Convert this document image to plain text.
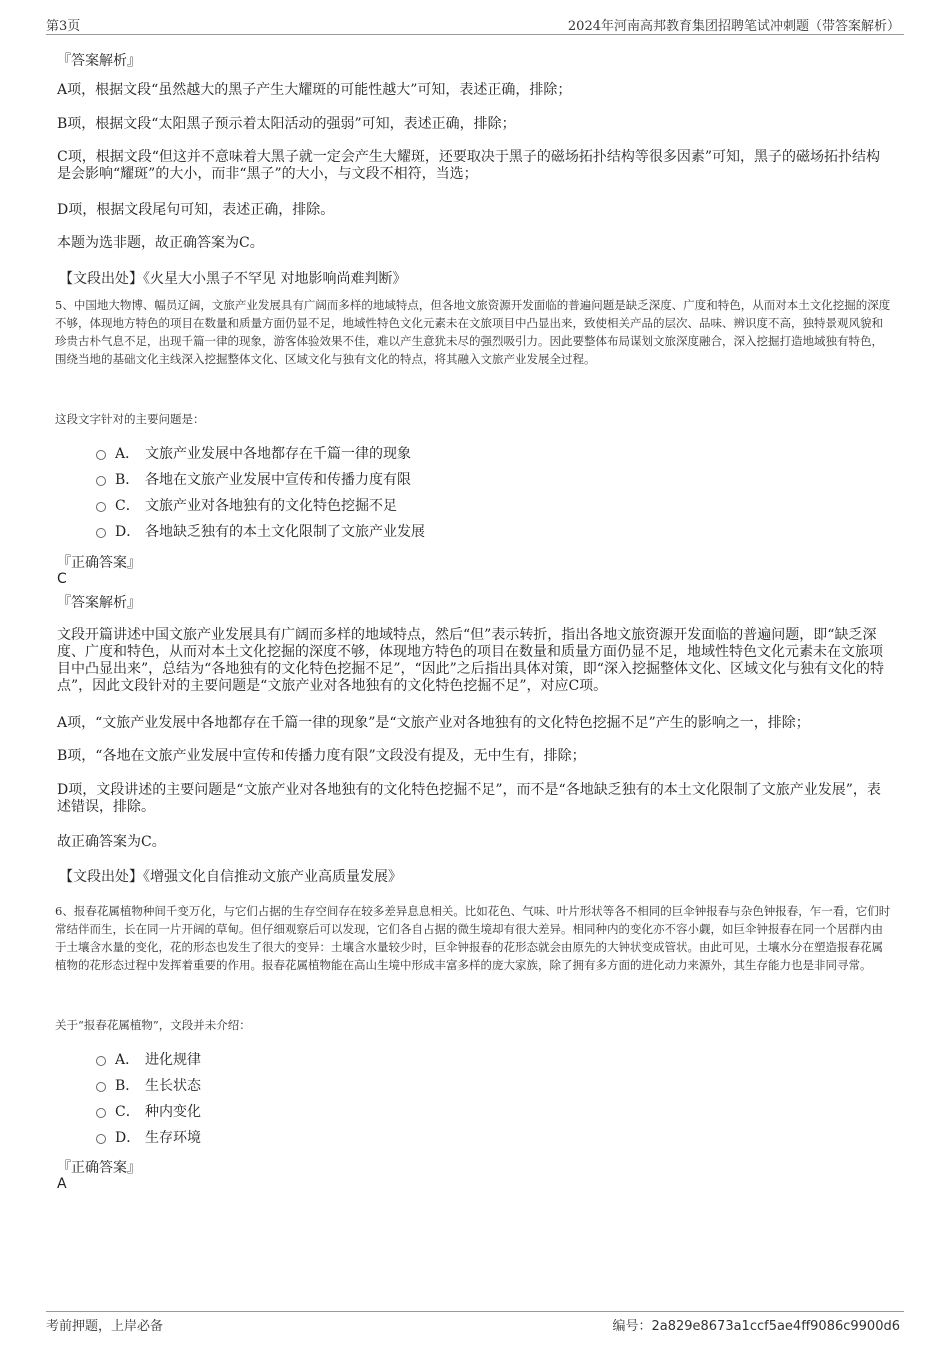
第3页	2024年河南高邦教育集团招聘笔试冲刺题（带答案解析）
『答案解析』
A项，根据文段“虽然越大的黑子产生大耀斑的可能性越大”可知，表述正确，排除；
B项，根据文段“太阳黑子预示着太阳活动的强弱”可知，表述正确，排除；
C项，根据文段“但这并不意味着大黑子就一定会产生大耀斑，还要取决于黑子的磁场拓扑结构等很多因素”可知，黑子的磁场拓扑结构是会影响“耀斑”的大小，而非“黑子”的大小，与文段不相符，当选；
D项，根据文段尾句可知，表述正确，排除。
本题为选非题，故正确答案为C。
【文段出处】《火星大小黑子不罕见 对地影响尚难判断》
5、中国地大物博、幅员辽阔，文旅产业发展具有广阔而多样的地域特点，但各地文旅资源开发面临的普遍问题是缺乏深度、广度和特色，从而对本土文化挖掘的深度不够，体现地方特色的项目在数量和质量方面仍显不足，地域性特色文化元素未在文旅项目中凸显出来，致使相关产品的层次、品味、辨识度不高，独特景观风貌和珍贵古朴气息不足，出现千篇一律的现象，游客体验效果不佳，难以产生意犹未尽的强烈吸引力。因此要整体布局谋划文旅深度融合，深入挖掘打造地域独有特色，围绕当地的基础文化主线深入挖掘整体文化、区域文化与独有文化的特点，将其融入文旅产业发展全过程。
这段文字针对的主要问题是：
A． 文旅产业发展中各地都存在千篇一律的现象
B． 各地在文旅产业发展中宣传和传播力度有限
C． 文旅产业对各地独有的文化特色挖掘不足
D． 各地缺乏独有的本土文化限制了文旅产业发展
『正确答案』
C
『答案解析』
文段开篇讲述中国文旅产业发展具有广阔而多样的地域特点，然后“但”表示转折，指出各地文旅资源开发面临的普遍问题，即“缺乏深度、广度和特色，从而对本土文化挖掘的深度不够，体现地方特色的项目在数量和质量方面仍显不足，地域性特色文化元素未在文旅项目中凸显出来”，总结为“各地独有的文化特色挖掘不足”，“因此”之后指出具体对策，即“深入挖掘整体文化、区域文化与独有文化的特点”，因此文段针对的主要问题是“文旅产业对各地独有的文化特色挖掘不足”，对应C项。
A项，“文旅产业发展中各地都存在千篇一律的现象”是“文旅产业对各地独有的文化特色挖掘不足”产生的影响之一，排除；
B项，“各地在文旅产业发展中宣传和传播力度有限”文段没有提及，无中生有，排除；
D项，文段讲述的主要问题是“文旅产业对各地独有的文化特色挖掘不足”，而不是“各地缺乏独有的本土文化限制了文旅产业发展”，表述错误，排除。
故正确答案为C。
【文段出处】《增强文化自信推动文旅产业高质量发展》
6、报春花属植物种间千变万化，与它们占据的生存空间存在较多差异息息相关。比如花色、气味、叶片形状等各不相同的巨伞钟报春与杂色钟报春，乍一看，它们时常结伴而生，长在同一片开阔的草甸。但仔细观察后可以发现，它们各自占据的微生境却有很大差异。相同种内的变化亦不容小觑，如巨伞钟报春在同一个居群内由于土壤含水量的变化，花的形态也发生了很大的变异：土壤含水量较少时，巨伞钟报春的花形态就会由原先的大钟状变成管状。由此可见，土壤水分在塑造报春花属植物的花形态过程中发挥着重要的作用。报春花属植物能在高山生境中形成丰富多样的庞大家族，除了拥有多方面的进化动力来源外，其生存能力也是非同寻常。
关于“报春花属植物”，文段并未介绍：
A． 进化规律
B． 生长状态
C． 种内变化
D． 生存环境
『正确答案』
A
考前押题，上岸必备	编号：2a829e8673a1ccf5ae4ff9086c9900d6
